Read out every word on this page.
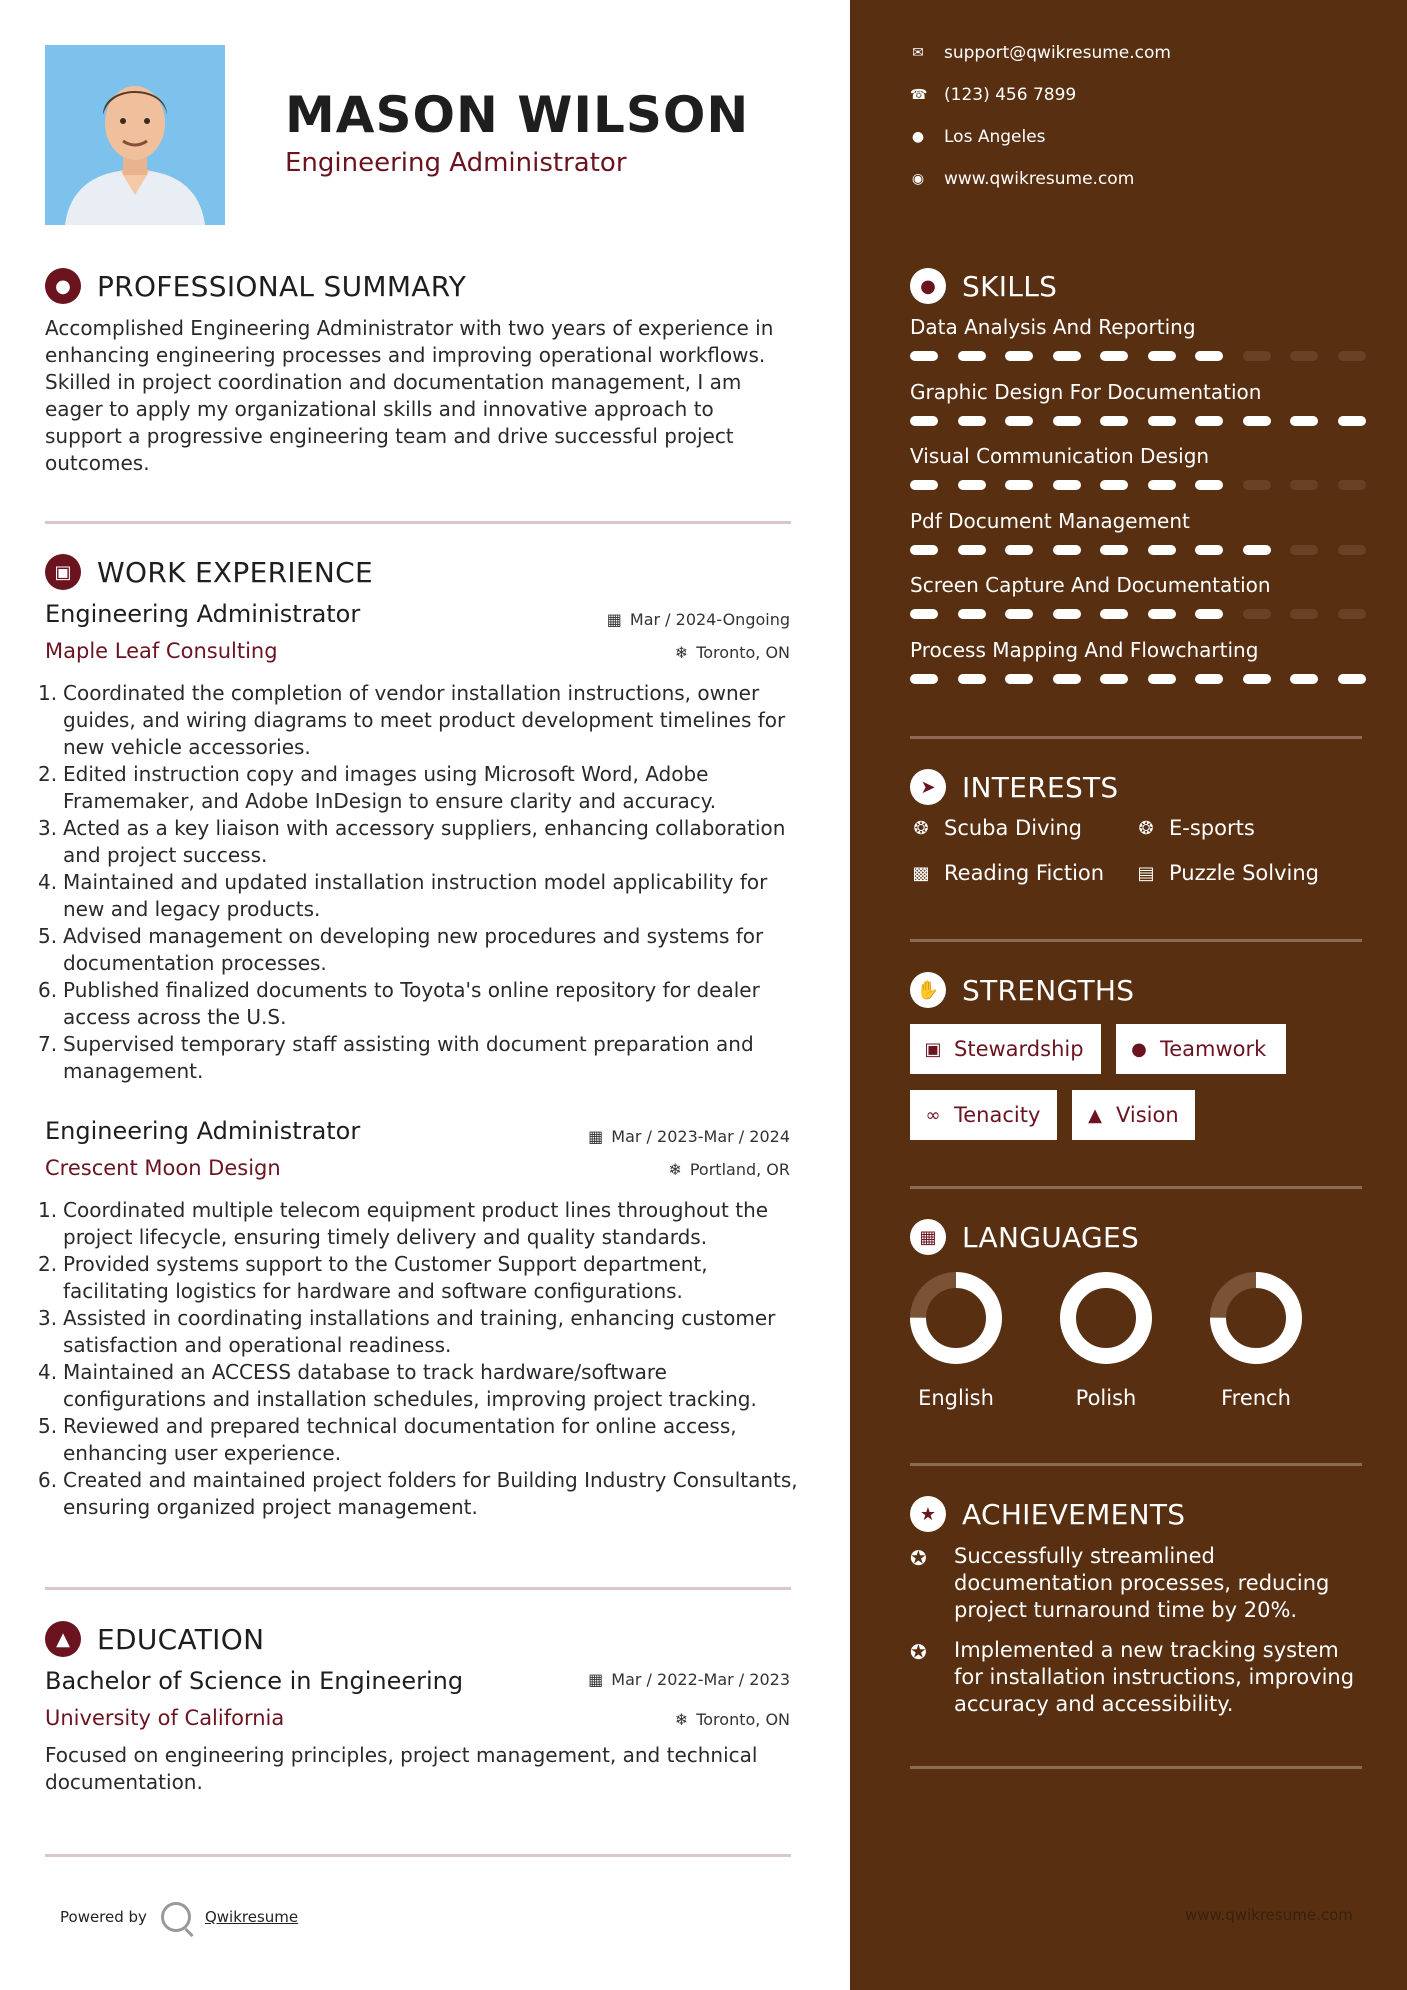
MASON WILSON
Engineering Administrator
● PROFESSIONAL SUMMARY
Accomplished Engineering Administrator with two years of experience in enhancing engineering processes and improving operational workflows. Skilled in project coordination and documentation management, I am eager to apply my organizational skills and innovative approach to support a progressive engineering team and drive successful project outcomes.
▣ WORK EXPERIENCE
Engineering Administrator	▦ Mar / 2024-Ongoing
Maple Leaf Consulting	❄ Toronto, ON
1. Coordinated the completion of vendor installation instructions, owner guides, and wiring diagrams to meet product development timelines for new vehicle accessories.
2. Edited instruction copy and images using Microsoft Word, Adobe Framemaker, and Adobe InDesign to ensure clarity and accuracy.
3. Acted as a key liaison with accessory suppliers, enhancing collaboration and project success.
4. Maintained and updated installation instruction model applicability for new and legacy products.
5. Advised management on developing new procedures and systems for documentation processes.
6. Published finalized documents to Toyota's online repository for dealer access across the U.S.
7. Supervised temporary staff assisting with document preparation and management.
Engineering Administrator	▦ Mar / 2023-Mar / 2024
Crescent Moon Design	❄ Portland, OR
1. Coordinated multiple telecom equipment product lines throughout the project lifecycle, ensuring timely delivery and quality standards.
2. Provided systems support to the Customer Support department, facilitating logistics for hardware and software configurations.
3. Assisted in coordinating installations and training, enhancing customer satisfaction and operational readiness.
4. Maintained an ACCESS database to track hardware/software configurations and installation schedules, improving project tracking.
5. Reviewed and prepared technical documentation for online access, enhancing user experience.
6. Created and maintained project folders for Building Industry Consultants, ensuring organized project management.
▲ EDUCATION
Bachelor of Science in Engineering	▦ Mar / 2022-Mar / 2023
University of California	❄ Toronto, ON
Focused on engineering principles, project management, and technical documentation.
Powered by	Qwikresume
✉ support@qwikresume.com
☎ (123) 456 7899
● Los Angeles
◉ www.qwikresume.com
● SKILLS
Data Analysis And Reporting
Graphic Design For Documentation
Visual Communication Design
Pdf Document Management
Screen Capture And Documentation
Process Mapping And Flowcharting
➤ INTERESTS
❂ Scuba Diving	❂ E-sports
▩ Reading Fiction ▤ Puzzle Solving
✋ STRENGTHS
▣ Stewardship	● Teamwork
∞ Tenacity	▲ Vision
▦ LANGUAGES
English	Polish	French
★ ACHIEVEMENTS
✪	Successfully streamlined documentation processes, reducing project turnaround time by 20%.
✪	Implemented a new tracking system for installation instructions, improving accuracy and accessibility.
www.qwikresume.com
